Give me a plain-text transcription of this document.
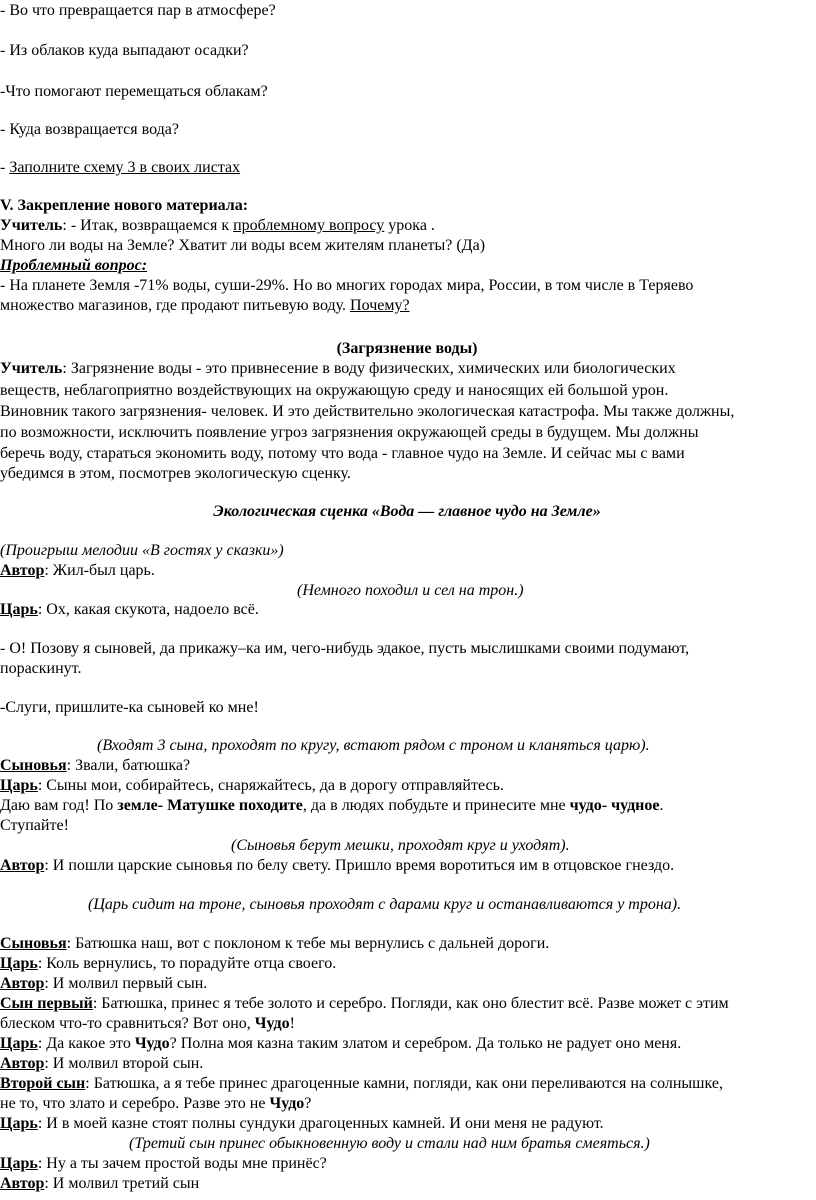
- Во что превращается пар в атмосфере?
- Из облаков куда выпадают осадки?
-Что помогают перемещаться облакам?
- Куда возвращается вода?
- Заполните схему 3 в своих листах
V. Закрепление нового материала:
Учитель: - Итак, возвращаемся к проблемному вопросу урока .
Много ли воды на Земле? Хватит ли воды всем жителям планеты? (Да)
Проблемный вопрос:
- На планете Земля -71% воды, суши-29%. Но во многих городах мира, России, в том числе в Теряево
множество магазинов, где продают питьевую воду. Почему?
(Загрязнение воды)
Учитель: Загрязнение воды - это привнесение в воду физических, химических или биологических
веществ, неблагоприятно воздействующих на окружающую среду и наносящих ей большой урон.
Виновник такого загрязнения- человек. И это действительно экологическая катастрофа. Мы также должны,
по возможности, исключить появление угроз загрязнения окружающей среды в будущем. Мы должны
беречь воду, стараться экономить воду, потому что вода - главное чудо на Земле. И сейчас мы с вами
убедимся в этом, посмотрев экологическую сценку.
Экологическая сценка «Вода — главное чудо на Земле»
(Проигрыш мелодии «В гостях у сказки»)
Автор: Жил-был царь.
(Немного походил и сел на трон.)
Царь: Ох, какая скукота, надоело всё.
- О! Позову я сыновей, да прикажу–ка им, чего-нибудь эдакое, пусть мыслишками своими подумают,
пораскинут.
-Слуги, пришлите-ка сыновей ко мне!
(Входят 3 сына, проходят по кругу, встают рядом с троном и кланяться царю).
Сыновья: Звали, батюшка?
Царь: Сыны мои, собирайтесь, снаряжайтесь, да в дорогу отправляйтесь.
Даю вам год! По земле- Матушке походите, да в людях побудьте и принесите мне чудо- чудное.
Ступайте!
(Сыновья берут мешки, проходят круг и уходят).
Автор: И пошли царские сыновья по белу свету. Пришло время воротиться им в отцовское гнездо.
(Царь сидит на троне, сыновья проходят с дарами круг и останавливаются у трона).
Сыновья: Батюшка наш, вот с поклоном к тебе мы вернулись с дальней дороги.
Царь: Коль вернулись, то порадуйте отца своего.
Автор: И молвил первый сын.
Сын первый: Батюшка, принес я тебе золото и серебро. Погляди, как оно блестит всё. Разве может с этим
блеском что-то сравниться? Вот оно, Чудо!
Царь: Да какое это Чудо? Полна моя казна таким златом и серебром. Да только не радует оно меня.
Автор: И молвил второй сын.
Второй сын: Батюшка, а я тебе принес драгоценные камни, погляди, как они переливаются на солнышке,
не то, что злато и серебро. Разве это не Чудо?
Царь: И в моей казне стоят полны сундуки драгоценных камней. И они меня не радуют.
(Третий сын принес обыкновенную воду и стали над ним братья смеяться.)
Царь: Ну а ты зачем простой воды мне принёс?
Автор: И молвил третий сын
